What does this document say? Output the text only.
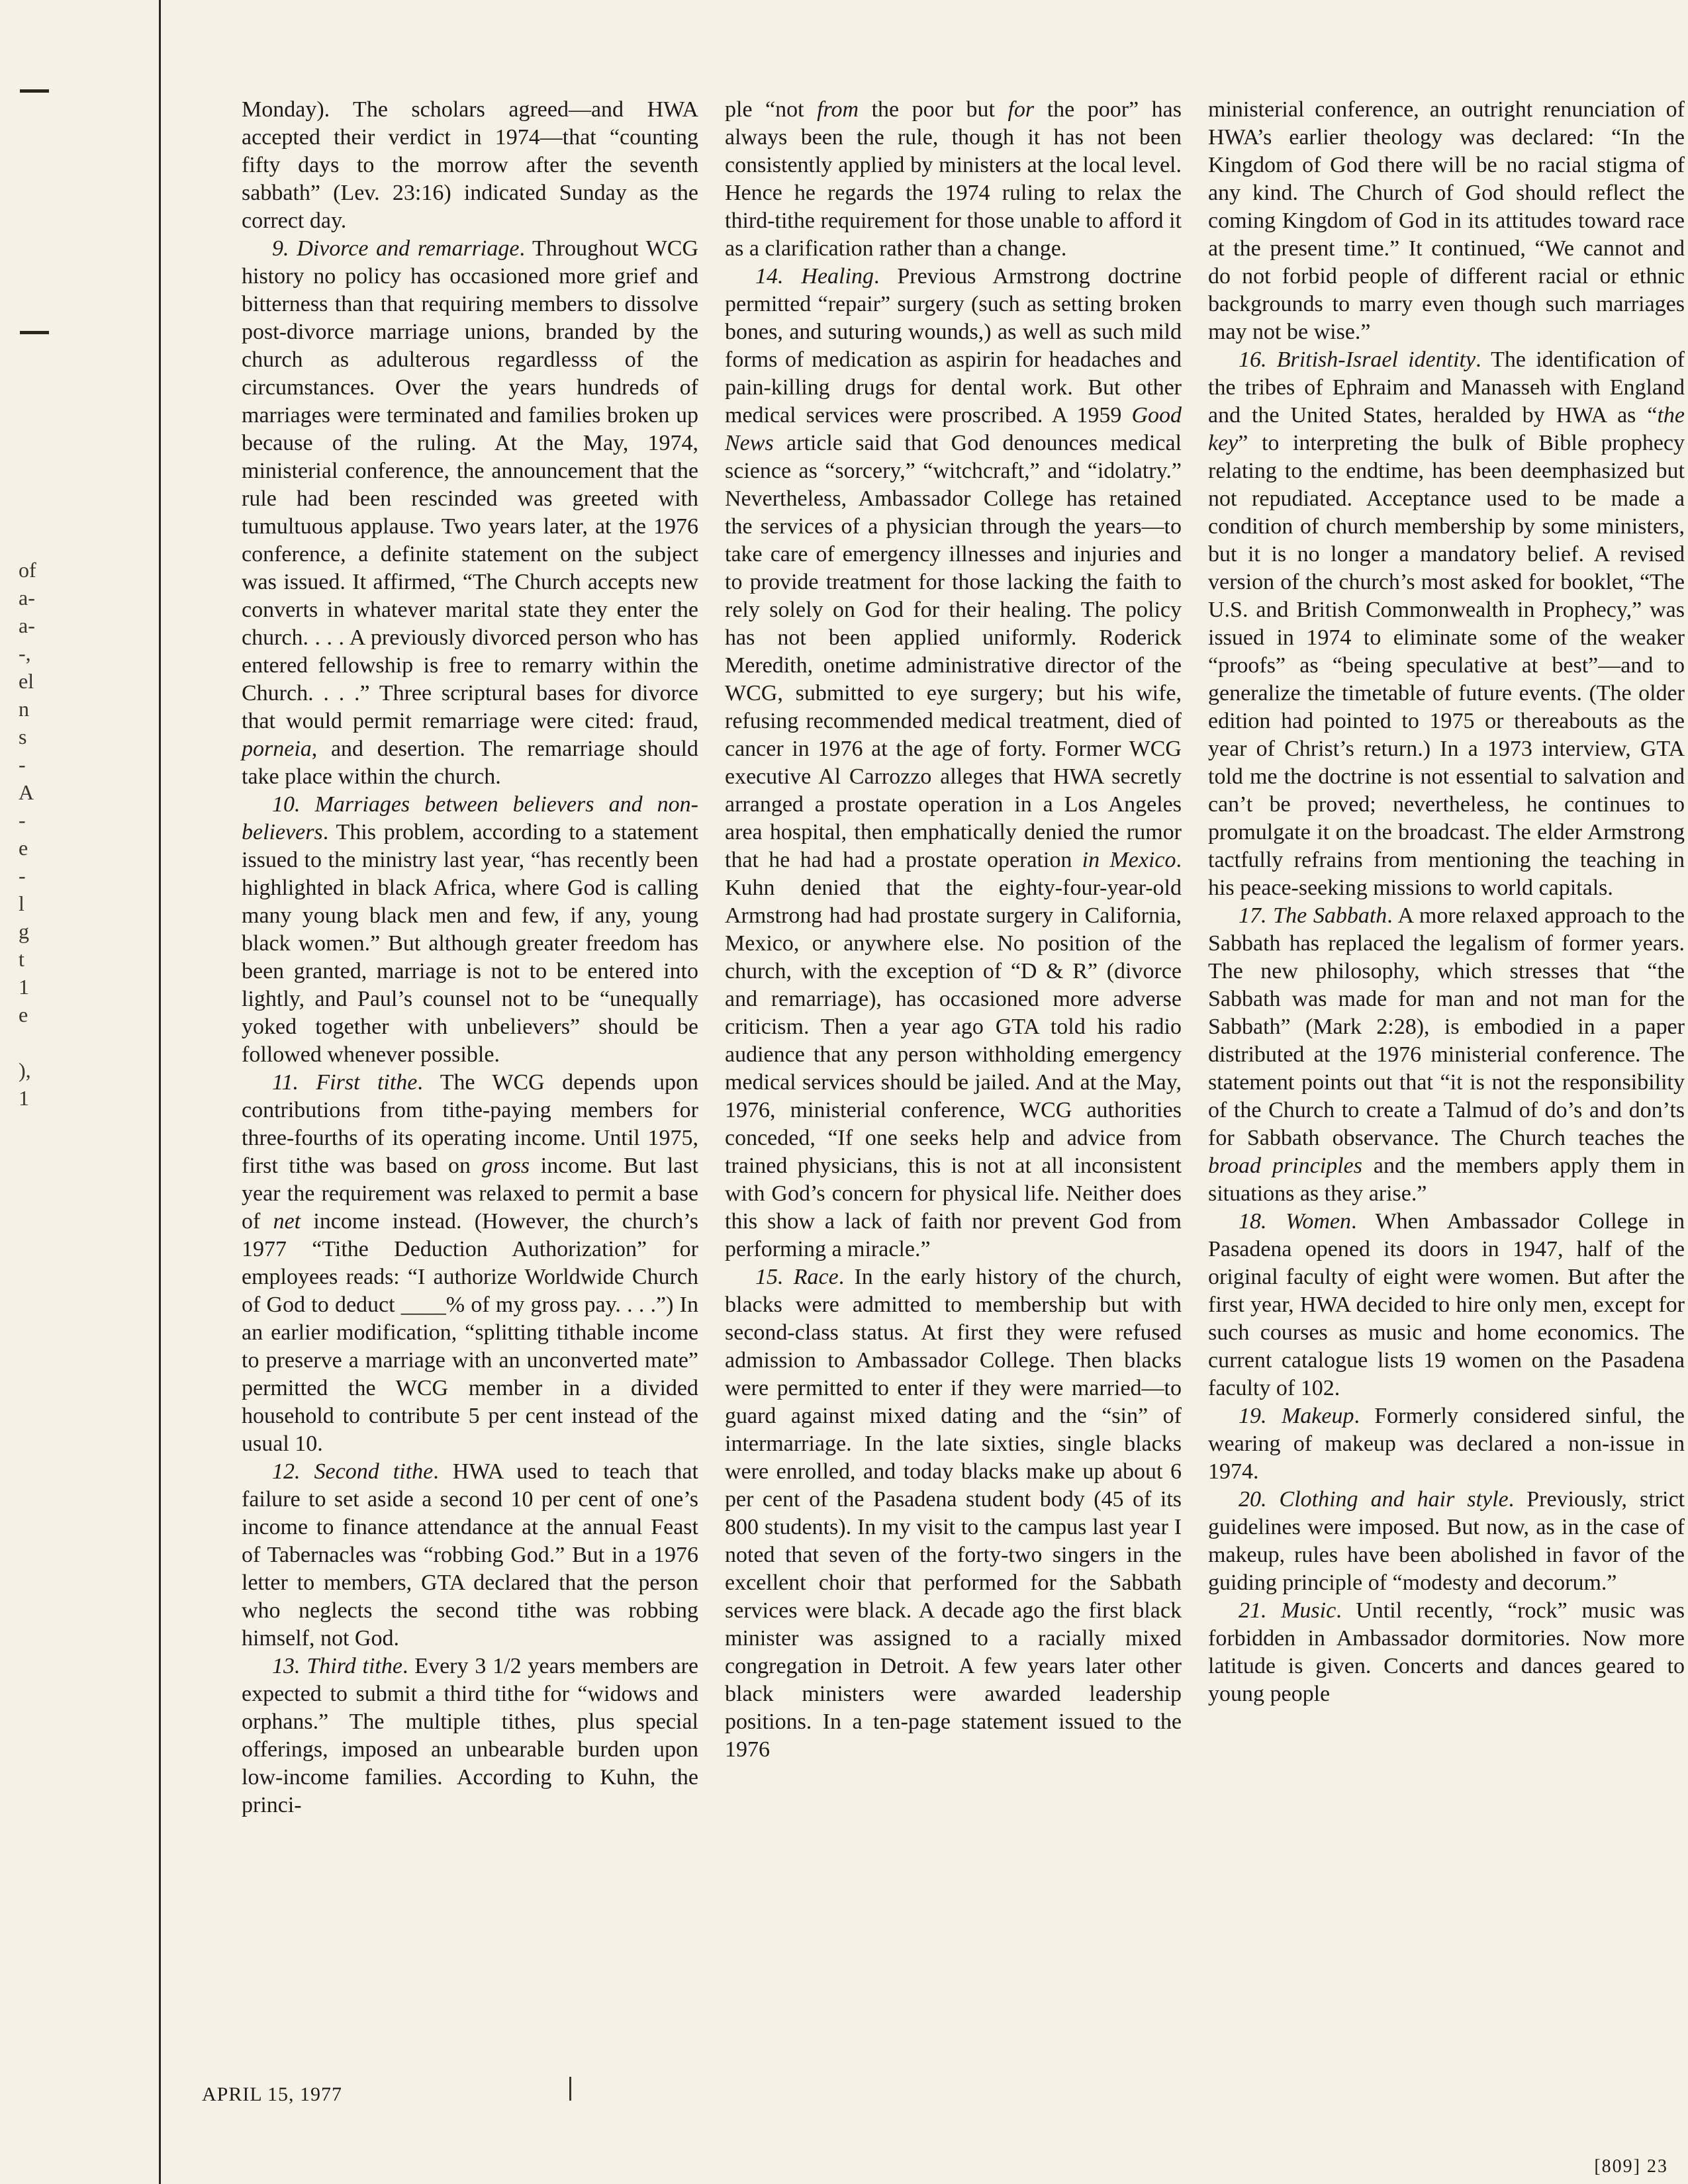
of
a-
a-
-,
el
n
s
-
A
-
e
-
l
g
t
1
e
),
1

Monday). The scholars agreed—and HWA accepted their verdict in 1974—that “counting fifty days to the morrow after the seventh sabbath” (Lev. 23:16) indicated Sunday as the correct day.

9. Divorce and remarriage. Throughout WCG history no policy has occasioned more grief and bitterness than that requiring members to dissolve post-divorce marriage unions, branded by the church as adulterous regardlesss of the circumstances. Over the years hundreds of marriages were terminated and families broken up because of the ruling. At the May, 1974, ministerial conference, the announcement that the rule had been rescinded was greeted with tumultuous applause. Two years later, at the 1976 conference, a definite statement on the subject was issued. It affirmed, “The Church accepts new converts in whatever marital state they enter the church. . . . A previously divorced person who has entered fellowship is free to remarry within the Church. . . .” Three scriptural bases for divorce that would permit remarriage were cited: fraud, porneia, and desertion. The remarriage should take place within the church.

10. Marriages between believers and non-believers. This problem, according to a statement issued to the ministry last year, “has recently been highlighted in black Africa, where God is calling many young black men and few, if any, young black women.” But although greater freedom has been granted, marriage is not to be entered into lightly, and Paul’s counsel not to be “unequally yoked together with unbelievers” should be followed whenever possible.

11. First tithe. The WCG depends upon contributions from tithe-paying members for three-fourths of its operating income. Until 1975, first tithe was based on gross income. But last year the requirement was relaxed to permit a base of net income instead. (However, the church’s 1977 “Tithe Deduction Authorization” for employees reads: “I authorize Worldwide Church of God to deduct ____% of my gross pay. . . .”) In an earlier modification, “splitting tithable income to preserve a marriage with an unconverted mate” permitted the WCG member in a divided household to contribute 5 per cent instead of the usual 10.

12. Second tithe. HWA used to teach that failure to set aside a second 10 per cent of one’s income to finance attendance at the annual Feast of Tabernacles was “robbing God.” But in a 1976 letter to members, GTA declared that the person who neglects the second tithe was robbing himself, not God.

13. Third tithe. Every 3 1/2 years members are expected to submit a third tithe for “widows and orphans.” The multiple tithes, plus special offerings, imposed an unbearable burden upon low-income families. According to Kuhn, the princi-

ple “not from the poor but for the poor” has always been the rule, though it has not been consistently applied by ministers at the local level. Hence he regards the 1974 ruling to relax the third-tithe requirement for those unable to afford it as a clarification rather than a change.

14. Healing. Previous Armstrong doctrine permitted “repair” surgery (such as setting broken bones, and suturing wounds,) as well as such mild forms of medication as aspirin for headaches and pain-killing drugs for dental work. But other medical services were proscribed. A 1959 Good News article said that God denounces medical science as “sorcery,” “witchcraft,” and “idolatry.” Nevertheless, Ambassador College has retained the services of a physician through the years—to take care of emergency illnesses and injuries and to provide treatment for those lacking the faith to rely solely on God for their healing. The policy has not been applied uniformly. Roderick Meredith, onetime administrative director of the WCG, submitted to eye surgery; but his wife, refusing recommended medical treatment, died of cancer in 1976 at the age of forty. Former WCG executive Al Carrozzo alleges that HWA secretly arranged a prostate operation in a Los Angeles area hospital, then emphatically denied the rumor that he had had a prostate operation in Mexico. Kuhn denied that the eighty-four-year-old Armstrong had had prostate surgery in California, Mexico, or anywhere else. No position of the church, with the exception of “D & R” (divorce and remarriage), has occasioned more adverse criticism. Then a year ago GTA told his radio audience that any person withholding emergency medical services should be jailed. And at the May, 1976, ministerial conference, WCG authorities conceded, “If one seeks help and advice from trained physicians, this is not at all inconsistent with God’s concern for physical life. Neither does this show a lack of faith nor prevent God from performing a miracle.”

15. Race. In the early history of the church, blacks were admitted to membership but with second-class status. At first they were refused admission to Ambassador College. Then blacks were permitted to enter if they were married—to guard against mixed dating and the “sin” of intermarriage. In the late sixties, single blacks were enrolled, and today blacks make up about 6 per cent of the Pasadena student body (45 of its 800 students). In my visit to the campus last year I noted that seven of the forty-two singers in the excellent choir that performed for the Sabbath services were black. A decade ago the first black minister was assigned to a racially mixed congregation in Detroit. A few years later other black ministers were awarded leadership positions. In a ten-page statement issued to the 1976

ministerial conference, an outright renunciation of HWA’s earlier theology was declared: “In the Kingdom of God there will be no racial stigma of any kind. The Church of God should reflect the coming Kingdom of God in its attitudes toward race at the present time.” It continued, “We cannot and do not forbid people of different racial or ethnic backgrounds to marry even though such marriages may not be wise.”

16. British-Israel identity. The identification of the tribes of Ephraim and Manasseh with England and the United States, heralded by HWA as “the key” to interpreting the bulk of Bible prophecy relating to the endtime, has been deemphasized but not repudiated. Acceptance used to be made a condition of church membership by some ministers, but it is no longer a mandatory belief. A revised version of the church’s most asked for booklet, “The U.S. and British Commonwealth in Prophecy,” was issued in 1974 to eliminate some of the weaker “proofs” as “being speculative at best”—and to generalize the timetable of future events. (The older edition had pointed to 1975 or thereabouts as the year of Christ’s return.) In a 1973 interview, GTA told me the doctrine is not essential to salvation and can’t be proved; nevertheless, he continues to promulgate it on the broadcast. The elder Armstrong tactfully refrains from mentioning the teaching in his peace-seeking missions to world capitals.

17. The Sabbath. A more relaxed approach to the Sabbath has replaced the legalism of former years. The new philosophy, which stresses that “the Sabbath was made for man and not man for the Sabbath” (Mark 2:28), is embodied in a paper distributed at the 1976 ministerial conference. The statement points out that “it is not the responsibility of the Church to create a Talmud of do’s and don’ts for Sabbath observance. The Church teaches the broad principles and the members apply them in situations as they arise.”

18. Women. When Ambassador College in Pasadena opened its doors in 1947, half of the original faculty of eight were women. But after the first year, HWA decided to hire only men, except for such courses as music and home economics. The current catalogue lists 19 women on the Pasadena faculty of 102.

19. Makeup. Formerly considered sinful, the wearing of makeup was declared a non-issue in 1974.

20. Clothing and hair style. Previously, strict guidelines were imposed. But now, as in the case of makeup, rules have been abolished in favor of the guiding principle of “modesty and decorum.”

21. Music. Until recently, “rock” music was forbidden in Ambassador dormitories. Now more latitude is given. Concerts and dances geared to young people

APRIL 15, 1977
[809] 23
